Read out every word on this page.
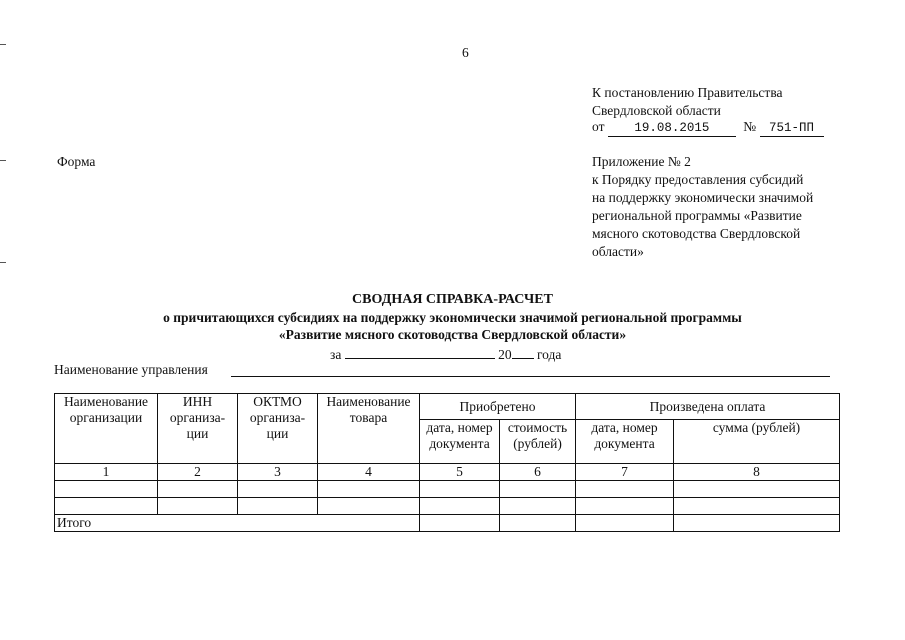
6
К постановлению Правительства
Свердловской области
от 19.08.2015	№ 751-ПП
Форма	Приложение № 2
к Порядку предоставления субсидий
на поддержку экономически значимой
региональной программы «Развитие
мясного скотоводства Свердловской
области»
СВОДНАЯ СПРАВКА-РАСЧЕТ
о причитающихся субсидиях на поддержку экономически значимой региональной программы
«Развитие мясного скотоводства Свердловской области»
за	20 года
Наименование управления
Наименование организации	ИНН организа-ции	ОКТМО организа-ции	Наименование товара	Приобретено		Произведена оплата	
				дата, номер документа	стоимость (рублей)	дата, номер документа	сумма (рублей)
1	2	3	4	5	6	7	8

Итого							
